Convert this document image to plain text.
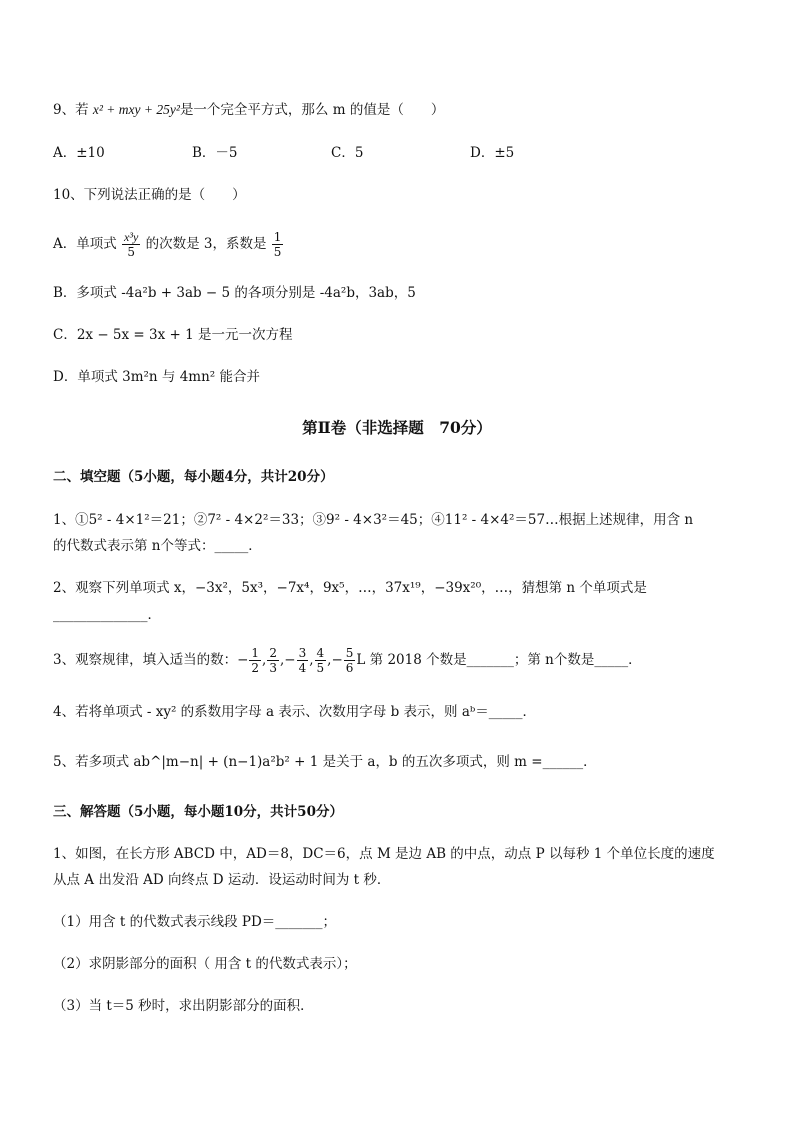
9、若 x² + mxy + 25y²是一个完全平方式，那么 m 的值是（　　）
A．±10	B．－5	C．5	D．±5
10、下列说法正确的是（　　）
A．单项式 $\frac{\text{x³y}}{5}$ 的次数是 3，系数是 $\frac{1}{5}$
B．多项式 -4a²b + 3ab − 5 的各项分别是 -4a²b，3ab，5
C．2x − 5x = 3x + 1 是一元一次方程
D．单项式 3m²n 与 4mn² 能合并
第Ⅱ卷（非选择题　70分）
二、填空题（5小题，每小题4分，共计20分）
1、①5² - 4×1²＝21；②7² - 4×2²＝33；③9² - 4×3²＝45；④11² - 4×4²＝57…根据上述规律，用含 n
的代数式表示第 n个等式：_____．
2、观察下列单项式 x，−3x²，5x³，−7x⁴，9x⁵，…，37x¹⁹，−39x²⁰，…，猜想第 n 个单项式是
______________．
3、观察规律，填入适当的数：− $\frac{1}{2}$ , $\frac{2}{3}$ ,− $\frac{3}{4}$ , $\frac{4}{5}$ ,− $\frac{5}{6}$ L 第 2018 个数是_______；第 n个数是_____．
4、若将单项式 - xy² 的系数用字母 a 表示、次数用字母 b 表示，则 aᵇ＝_____．
5、若多项式 ab^|m−n| + (n−1)a²b² + 1 是关于 a，b 的五次多项式，则 m =______．
三、解答题（5小题，每小题10分，共计50分）
1、如图，在长方形 ABCD 中，AD＝8，DC＝6，点 M 是边 AB 的中点，动点 P 以每秒 1 个单位长度的速度
从点 A 出发沿 AD 向终点 D 运动．设运动时间为 t 秒．
（1）用含 t 的代数式表示线段 PD＝_______；
（2）求阴影部分的面积（ 用含 t 的代数式表示）；
（3）当 t＝5 秒时，求出阴影部分的面积．
